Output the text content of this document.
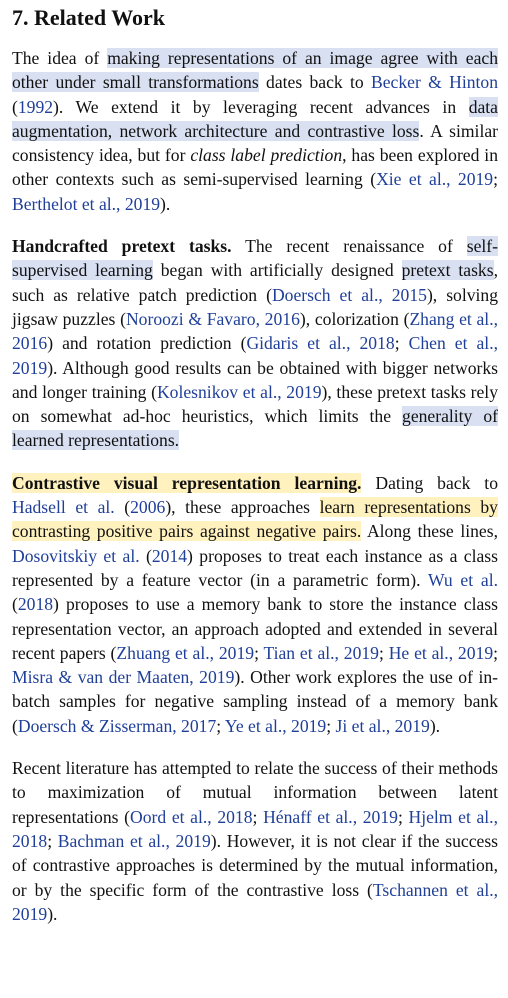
7. Related Work

The idea of making representations of an image agree with each other under small transformations dates back to Becker & Hinton (1992). We extend it by leveraging recent advances in data augmentation, network architecture and contrastive loss. A similar consistency idea, but for class label prediction, has been explored in other contexts such as semi-supervised learning (Xie et al., 2019; Berthelot et al., 2019).

Handcrafted pretext tasks. The recent renaissance of self-supervised learning began with artificially designed pretext tasks, such as relative patch prediction (Doersch et al., 2015), solving jigsaw puzzles (Noroozi & Favaro, 2016), colorization (Zhang et al., 2016) and rotation prediction (Gidaris et al., 2018; Chen et al., 2019). Although good results can be obtained with bigger networks and longer training (Kolesnikov et al., 2019), these pretext tasks rely on somewhat ad-hoc heuristics, which limits the generality of learned representations.

Contrastive visual representation learning. Dating back to Hadsell et al. (2006), these approaches learn representations by contrasting positive pairs against negative pairs. Along these lines, Dosovitskiy et al. (2014) proposes to treat each instance as a class represented by a feature vector (in a parametric form). Wu et al. (2018) proposes to use a memory bank to store the instance class representation vector, an approach adopted and extended in several recent papers (Zhuang et al., 2019; Tian et al., 2019; He et al., 2019; Misra & van der Maaten, 2019). Other work explores the use of in-batch samples for negative sampling instead of a memory bank (Doersch & Zisserman, 2017; Ye et al., 2019; Ji et al., 2019).

Recent literature has attempted to relate the success of their methods to maximization of mutual information between latent representations (Oord et al., 2018; Hénaff et al., 2019; Hjelm et al., 2018; Bachman et al., 2019). However, it is not clear if the success of contrastive approaches is determined by the mutual information, or by the specific form of the contrastive loss (Tschannen et al., 2019).
